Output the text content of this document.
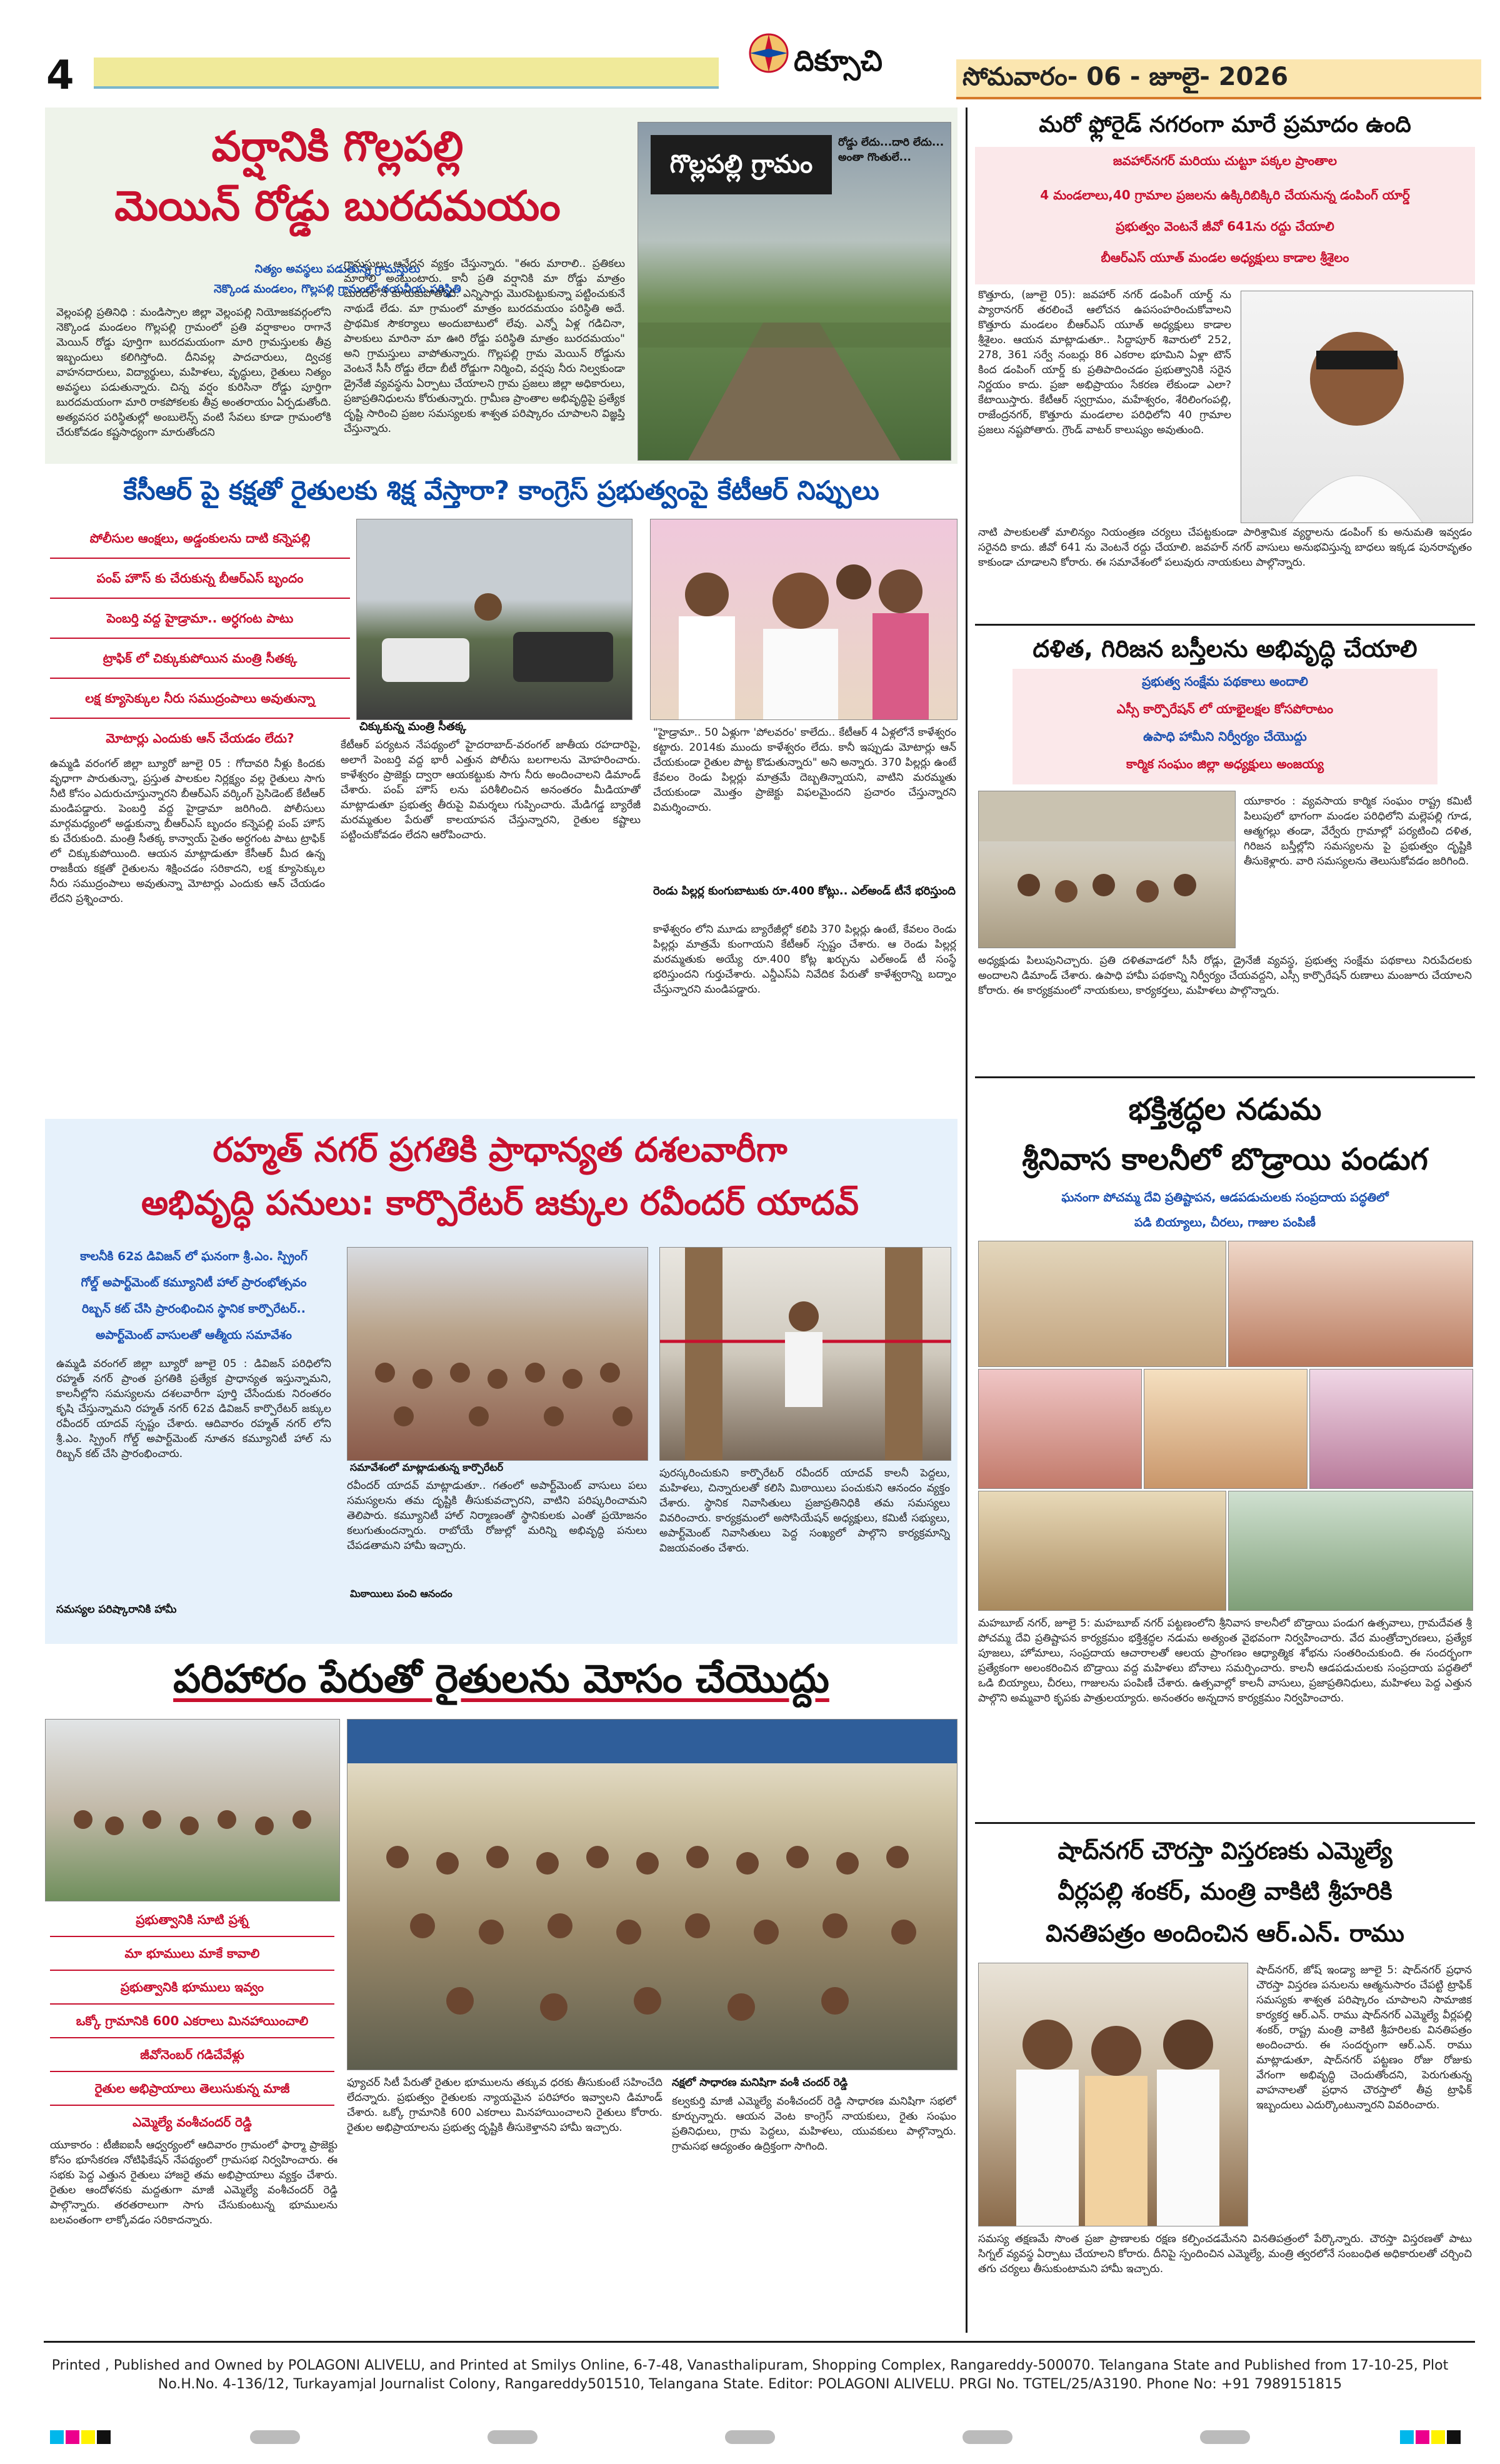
4	దిక్సూచి	సోమవారం- 06 - జూలై- 2026
వర్షానికి గొల్లపల్లి
మెయిన్ రోడ్డు బురదమయం
గొల్లపల్లి గ్రామం
రోడ్డు లేదు...దారి లేదు... అంతా గొంతులే...
నిత్యం అవస్థలు పడుతున్న గ్రామస్తులు
నెక్కొండ మండలం, గొల్లపల్లి గ్రామంలో దయనీయ పరిస్థితి
వెల్లంపల్లి ప్రతినిధి : మండిస్సాల జిల్లా వెల్లంపల్లి నియోజకవర్గంలోని నెక్కొండ మండలం గొల్లపల్లి గ్రామంలో ప్రతి వర్షాకాలం రాగానే మెయిన్ రోడ్డు పూర్తిగా బురదమయంగా మారి గ్రామస్తులకు తీవ్ర ఇబ్బందులు కలిగిస్తోంది. దీనివల్ల పాదచారులు, ద్విచక్ర వాహనదారులు, విద్యార్థులు, మహిళలు, వృద్ధులు, రైతులు నిత్యం అవస్థలు పడుతున్నారు. చిన్న వర్షం కురిసినా రోడ్డు పూర్తిగా బురదమయంగా మారి రాకపోకలకు తీవ్ర అంతరాయం ఏర్పడుతోంది. అత్యవసర పరిస్థితుల్లో అంబులెన్స్ వంటి సేవలు కూడా గ్రామంలోకి చేరుకోవడం కష్టసాధ్యంగా మారుతోందని
గ్రామస్తులు ఆవేదన వ్యక్తం చేస్తున్నారు. "ఈరు మారాలి.. ప్రతికలు మారాలి అంటుంటారు. కానీ ప్రతి వర్షానికి మా రోడ్డు మాత్రం బురదలోనే కూరుకుపోతోంది. ఎన్నిసార్లు మొరపెట్టుకున్నా పట్టించుకునే నాథుడే లేడు. మా గ్రామంలో మాత్రం బురదమయం పరిస్థితి అదే. ప్రాథమిక సౌకర్యాలు అందుబాటులో లేవు. ఎన్నో ఏళ్ల గడిచినా, పాలకులు మారినా మా ఊరి రోడ్డు పరిస్థితి మాత్రం బురదమయం" అని గ్రామస్తులు వాపోతున్నారు. గొల్లపల్లి గ్రామ మెయిన్ రోడ్డును వెంటనే సీసీ రోడ్డు లేదా బీటీ రోడ్డుగా నిర్మించి, వర్షపు నీరు నిల్వకుండా డ్రైనేజీ వ్యవస్థను ఏర్పాటు చేయాలని గ్రామ ప్రజలు జిల్లా అధికారులు, ప్రజాప్రతినిధులను కోరుతున్నారు. గ్రామీణ ప్రాంతాల అభివృద్ధిపై ప్రత్యేక దృష్టి సారించి ప్రజల సమస్యలకు శాశ్వత పరిష్కారం చూపాలని విజ్ఞప్తి చేస్తున్నారు.
మరో ఫ్లోరైడ్ నగరంగా మారే ప్రమాదం ఉంది
జవహార్‌నగర్ మరియు చుట్టూ పక్కల ప్రాంతాల
4 మండలాలు,40 గ్రామాల ప్రజలను ఉక్కిరిబిక్కిరి చేయనున్న డంపింగ్ యార్డ్
ప్రభుత్వం వెంటనే జీవో 641ను రద్దు చేయాలి
బీఆర్ఎస్ యూత్ మండల అధ్యక్షులు కాడాల శ్రీశైలం
కొత్తూరు, (జూలై 05): జవహార్ నగర్ డంపింగ్ యార్డ్ ను ప్యారానగర్ తరలించే ఆలోచన ఉపసంహరించుకోవాలని కొత్తూరు మండలం బీఆర్ఎస్ యూత్ అధ్యక్షులు కాడాల శ్రీశైలం. ఆయన మాట్లాడుతూ.. సిద్దాపూర్ శివారులో 252, 278, 361 సర్వే నంబర్లు 86 ఎకరాల భూమిని ఏళ్లా టౌన్ కింద డంపింగ్ యార్డ్ కు ప్రతిపాదించడం ప్రభుత్వానికి సరైన నిర్ణయం కాదు. ప్రజా అభిప్రాయం సేకరణ లేకుండా ఎలా? కేటాయిస్తారు. కేటీఆర్ స్వగ్రామం, మహేశ్వరం, శేరిలింగంపల్లి, రాజేంద్రనగర్, కొత్తూరు మండలాల పరిధిలోని 40 గ్రామాల ప్రజలు నష్టపోతారు. గ్రౌండ్ వాటర్ కాలుష్యం అవుతుంది.
నాటి పాలకులతో మాలిన్యం నియంత్రణ చర్యలు చేపట్టకుండా పారిశ్రామిక వ్యర్థాలను డంపింగ్ కు అనుమతి ఇవ్వడం సరైనది కాదు. జీవో 641 ను వెంటనే రద్దు చేయాలి. జవహర్ నగర్ వాసులు అనుభవిస్తున్న బాధలు ఇక్కడ పునరావృతం కాకుండా చూడాలని కోరారు. ఈ సమావేశంలో పలువురు నాయకులు పాల్గొన్నారు.
కేసీఆర్ పై కక్షతో రైతులకు శిక్ష వేస్తారా? కాంగ్రెస్ ప్రభుత్వంపై కేటీఆర్ నిప్పులు
పోలీసుల ఆంక్షలు, అడ్డంకులను దాటి కన్నెపల్లి
పంప్ హౌస్ కు చేరుకున్న బీఆర్ఎస్ బృందం
పెంబర్తి వద్ద హైడ్రామా.. అర్ధగంట పాటు
ట్రాఫిక్ లో చిక్కుకుపోయిన మంత్రి సీతక్క
లక్ష క్యూసెక్కుల నీరు సముద్రంపాలు అవుతున్నా
మోటార్లు ఎందుకు ఆన్ చేయడం లేదు?
చిక్కుకున్న మంత్రి సీతక్క
ఉమ్మడి వరంగల్ జిల్లా బ్యూరో జూలై 05 : గోదావరి నీళ్లు కిందకు వృధాగా పారుతున్నా, ప్రస్తుత పాలకుల నిర్లక్ష్యం వల్ల రైతులు సాగు నీటి కోసం ఎదురుచూస్తున్నారని బీఆర్ఎస్ వర్కింగ్ ప్రెసిడెంట్ కేటీఆర్ మండిపడ్డారు. పెంబర్తి వద్ద హైడ్రామా జరిగింది. పోలీసులు మార్గమధ్యంలో అడ్డుకున్నా బీఆర్ఎస్ బృందం కన్నెపల్లి పంప్ హౌస్ కు చేరుకుంది. మంత్రి సీతక్క కాన్వాయ్ సైతం అర్ధగంట పాటు ట్రాఫిక్ లో చిక్కుకుపోయింది. ఆయన మాట్లాడుతూ కేసీఆర్ మీద ఉన్న రాజకీయ కక్షతో రైతులను శిక్షించడం సరికాదని, లక్ష క్యూసెక్కుల నీరు సముద్రంపాలు అవుతున్నా మోటార్లు ఎందుకు ఆన్ చేయడం లేదని ప్రశ్నించారు.
కేటీఆర్ పర్యటన నేపథ్యంలో హైదరాబాద్-వరంగల్ జాతీయ రహదారిపై, అలాగే పెంబర్తి వద్ద భారీ ఎత్తున పోలీసు బలగాలను మోహరించారు. కాళేశ్వరం ప్రాజెక్టు ద్వారా ఆయకట్టుకు సాగు నీరు అందించాలని డిమాండ్ చేశారు. పంప్ హౌస్ లను పరిశీలించిన అనంతరం మీడియాతో మాట్లాడుతూ ప్రభుత్వ తీరుపై విమర్శలు గుప్పించారు. మేడిగడ్డ బ్యారేజీ మరమ్మతుల పేరుతో కాలయాపన చేస్తున్నారని, రైతుల కష్టాలు పట్టించుకోవడం లేదని ఆరోపించారు.
"హైడ్రామా.. 50 ఏళ్లుగా 'పోలవరం' కాలేదు.. కేటీఆర్ 4 ఏళ్లలోనే కాళేశ్వరం కట్టారు. 2014కు ముందు కాళేశ్వరం లేదు. కానీ ఇప్పుడు మోటార్లు ఆన్ చేయకుండా రైతుల పొట్ట కొడుతున్నారు" అని అన్నారు. 370 పిల్లర్లు ఉంటే కేవలం రెండు పిల్లర్లు మాత్రమే దెబ్బతిన్నాయని, వాటిని మరమ్మతు చేయకుండా మొత్తం ప్రాజెక్టు విఫలమైందని ప్రచారం చేస్తున్నారని విమర్శించారు.
రెండు పిల్లర్ల కుంగుబాటుకు రూ.400 కోట్లు.. ఎల్అండ్ టీనే భరిస్తుంది
కాళేశ్వరం లోని మూడు బ్యారేజీల్లో కలిపి 370 పిల్లర్లు ఉంటే, కేవలం రెండు పిల్లర్లు మాత్రమే కుంగాయని కేటీఆర్ స్పష్టం చేశారు. ఆ రెండు పిల్లర్ల మరమ్మతుకు అయ్యే రూ.400 కోట్ల ఖర్చును ఎల్అండ్ టీ సంస్థే భరిస్తుందని గుర్తుచేశారు. ఎన్డీఎస్ఏ నివేదిక పేరుతో కాళేశ్వరాన్ని బద్నాం చేస్తున్నారని మండిపడ్డారు.
దళిత, గిరిజన బస్తీలను అభివృద్ధి చేయాలి
ప్రభుత్వ సంక్షేమ పథకాలు అందాలి
ఎస్సీ కార్పొరేషన్ లో యాభైలక్షల కోసపోరాటం
ఉపాధి హామీని నిర్వీర్యం చేయొద్దు
కార్మిక సంఘం జిల్లా అధ్యక్షులు అంజయ్య
యూకారం : వ్యవసాయ కార్మిక సంఘం రాష్ట్ర కమిటీ పిలుపులో భాగంగా మండల పరిధిలోని మల్లెపల్లి గూడ, ఆత్మగల్లు తండా, వేర్వేరు గ్రామాల్లో పర్యటించి దళిత, గిరిజన బస్తీల్లోని సమస్యలను పై ప్రభుత్వం దృష్టికి తీసుకెళ్లారు. వారి సమస్యలను తెలుసుకోవడం జరిగింది.
అధ్యక్షుడు పిలుపునిచ్చారు. ప్రతి దళితవాడలో సీసీ రోడ్లు, డ్రైనేజీ వ్యవస్థ, ప్రభుత్వ సంక్షేమ పథకాలు నిరుపేదలకు అందాలని డిమాండ్ చేశారు. ఉపాధి హామీ పథకాన్ని నిర్వీర్యం చేయవద్దని, ఎస్సీ కార్పొరేషన్ రుణాలు మంజూరు చేయాలని కోరారు. ఈ కార్యక్రమంలో నాయకులు, కార్యకర్తలు, మహిళలు పాల్గొన్నారు.
భక్తిశ్రద్ధల నడుమ
శ్రీనివాస కాలనీలో బొడ్రాయి పండుగ
ఘనంగా పోచమ్మ దేవి ప్రతిష్టాపన, ఆడపడుచులకు సంప్రదాయ పద్ధతిలో
పడి బియ్యాలు, చీరలు, గాజుల పంపిణీ
మహబూబ్ నగర్, జూలై 5: మహబూబ్ నగర్ పట్టణంలోని శ్రీనివాస కాలనీలో బొడ్రాయి పండుగ ఉత్సవాలు, గ్రామదేవత శ్రీ పోచమ్మ దేవి ప్రతిష్టాపన కార్యక్రమం భక్తిశ్రద్ధల నడుమ అత్యంత వైభవంగా నిర్వహించారు. వేద మంత్రోచ్ఛారణలు, ప్రత్యేక పూజలు, హోమాలు, సంప్రదాయ ఆచారాలతో ఆలయ ప్రాంగణం ఆధ్యాత్మిక శోభను సంతరించుకుంది. ఈ సందర్భంగా ప్రత్యేకంగా అలంకరించిన బొడ్రాయి వద్ద మహిళలు బోనాలు సమర్పించారు. కాలనీ ఆడపడుచులకు సంప్రదాయ పద్ధతిలో ఒడి బియ్యాలు, చీరలు, గాజులను పంపిణీ చేశారు. ఉత్సవాల్లో కాలనీ వాసులు, ప్రజాప్రతినిధులు, మహిళలు పెద్ద ఎత్తున పాల్గొని అమ్మవారి కృపకు పాత్రులయ్యారు. అనంతరం అన్నదాన కార్యక్రమం నిర్వహించారు.
రహ్మత్ నగర్ ప్రగతికి ప్రాధాన్యత దశలవారీగా
అభివృద్ధి పనులు: కార్పొరేటర్ జక్కుల రవీందర్ యాదవ్
కాలనీకి 62వ డివిజన్ లో ఘనంగా శ్రీ.ఎం. స్ప్రింగ్
గోల్డ్ అపార్ట్‌మెంట్ కమ్యూనిటీ హాల్ ప్రారంభోత్సవం
రిబ్బన్ కట్ చేసి ప్రారంభించిన స్థానిక కార్పొరేటర్..
అపార్ట్‌మెంట్ వాసులతో ఆత్మీయ సమావేశం
ఉమ్మడి వరంగల్ జిల్లా బ్యూరో జూలై 05 : డివిజన్ పరిధిలోని రహ్మత్ నగర్ ప్రాంత ప్రగతికి ప్రత్యేక ప్రాధాన్యత ఇస్తున్నామని, కాలనీల్లోని సమస్యలను దశలవారీగా పూర్తి చేసేందుకు నిరంతరం కృషి చేస్తున్నామని రహ్మత్ నగర్ 62వ డివిజన్ కార్పొరేటర్ జక్కుల రవీందర్ యాదవ్ స్పష్టం చేశారు. ఆదివారం రహ్మత్ నగర్ లోని శ్రీ.ఎం. స్ప్రింగ్ గోల్డ్ అపార్ట్‌మెంట్ నూతన కమ్యూనిటీ హాల్ ను రిబ్బన్ కట్ చేసి ప్రారంభించారు.
సమస్యల పరిష్కారానికి హామీ
సమావేశంలో మాట్లాడుతున్న కార్పొరేటర్
రవీందర్ యాదవ్ మాట్లాడుతూ.. గతంలో అపార్ట్‌మెంట్ వాసులు పలు సమస్యలను తమ దృష్టికి తీసుకువచ్చారని, వాటిని పరిష్కరించామని తెలిపారు. కమ్యూనిటీ హాల్ నిర్మాణంతో స్థానికులకు ఎంతో ప్రయోజనం కలుగుతుందన్నారు. రాబోయే రోజుల్లో మరిన్ని అభివృద్ధి పనులు చేపడతామని హామీ ఇచ్చారు.
మిఠాయిలు పంచి ఆనందం
పురస్కరించుకుని కార్పొరేటర్ రవీందర్ యాదవ్ కాలనీ పెద్దలు, మహిళలు, చిన్నారులతో కలిసి మిఠాయిలు పంచుకుని ఆనందం వ్యక్తం చేశారు. స్థానిక నివాసితులు ప్రజాప్రతినిధికి తమ సమస్యలు వివరించారు. కార్యక్రమంలో అసోసియేషన్ అధ్యక్షులు, కమిటీ సభ్యులు, అపార్ట్‌మెంట్ నివాసితులు పెద్ద సంఖ్యలో పాల్గొని కార్యక్రమాన్ని విజయవంతం చేశారు.
పరిహారం పేరుతో రైతులను మోసం చేయొద్దు
ప్రభుత్వానికి సూటి ప్రశ్న
మా భూములు మాకే కావాలి
ప్రభుత్వానికి భూములు ఇవ్వం
ఒక్కో గ్రామానికి 600 ఎకరాలు మినహాయించాలి
జీవోనెంబర్ గడిచేవేళ్లు
రైతుల అభిప్రాయాలు తెలుసుకున్న మాజీ
ఎమ్మెల్యే వంశీచందర్ రెడ్డి
యూకారం : టీజీఐఐసీ ఆధ్వర్యంలో ఆదివారం గ్రామంలో ఫార్మా ప్రాజెక్టు కోసం భూసేకరణ నోటిఫికేషన్ నేపథ్యంలో గ్రామసభ నిర్వహించారు. ఈ సభకు పెద్ద ఎత్తున రైతులు హాజరై తమ అభిప్రాయాలు వ్యక్తం చేశారు. రైతుల ఆందోళనకు మద్దతుగా మాజీ ఎమ్మెల్యే వంశీచందర్ రెడ్డి పాల్గొన్నారు. తరతరాలుగా సాగు చేసుకుంటున్న భూములను బలవంతంగా లాక్కోవడం సరికాదన్నారు.
ఫ్యూచర్ సిటీ పేరుతో రైతుల భూములను తక్కువ ధరకు తీసుకుంటే సహించేది లేదన్నారు. ప్రభుత్వం రైతులకు న్యాయమైన పరిహారం ఇవ్వాలని డిమాండ్ చేశారు. ఒక్కో గ్రామానికి 600 ఎకరాలు మినహాయించాలని రైతులు కోరారు. రైతుల అభిప్రాయాలను ప్రభుత్వ దృష్టికి తీసుకెళ్తానని హామీ ఇచ్చారు.
నక్షలో సాధారణ మనిషిగా వంశీ చందర్ రెడ్డి
కల్వకుర్తి మాజీ ఎమ్మెల్యే వంశీచందర్ రెడ్డి సాధారణ మనిషిగా సభలో కూర్చున్నారు. ఆయన వెంట కాంగ్రెస్ నాయకులు, రైతు సంఘం ప్రతినిధులు, గ్రామ పెద్దలు, మహిళలు, యువకులు పాల్గొన్నారు. గ్రామసభ ఆద్యంతం ఉద్రిక్తంగా సాగింది.
షాద్‌నగర్ చౌరస్తా విస్తరణకు ఎమ్మెల్యే
వీర్లపల్లి శంకర్, మంత్రి వాకిటి శ్రీహరికి
వినతిపత్రం అందించిన ఆర్.ఎన్. రాము
షాద్‌నగర్, జోష్ ఇండ్యా జూలై 5: షాద్‌నగర్ ప్రధాన చౌరస్తా విస్తరణ పనులను ఆత్మనుసారం చేపట్టి ట్రాఫిక్ సమస్యకు శాశ్వత పరిష్కారం చూపాలని సామాజిక కార్యకర్త ఆర్.ఎన్. రాము షాద్‌నగర్ ఎమ్మెల్యే వీర్లపల్లి శంకర్, రాష్ట్ర మంత్రి వాకిటి శ్రీహరిలకు వినతిపత్రం అందించారు. ఈ సందర్భంగా ఆర్.ఎన్. రాము మాట్లాడుతూ, షాద్‌నగర్ పట్టణం రోజు రోజుకు వేగంగా అభివృద్ధి చెందుతోందని, పెరుగుతున్న వాహనాలతో ప్రధాన చౌరస్తాలో తీవ్ర ట్రాఫిక్ ఇబ్బందులు ఎదుర్కొంటున్నారని వివరించారు.
సమస్య తక్షణమే సొంత ప్రజా ప్రాణాలకు రక్షణ కల్పించడమేనని వినతిపత్రంలో పేర్కొన్నారు. చౌరస్తా విస్తరణతో పాటు సిగ్నల్ వ్యవస్థ ఏర్పాటు చేయాలని కోరారు. దీనిపై స్పందించిన ఎమ్మెల్యే, మంత్రి త్వరలోనే సంబంధిత అధికారులతో చర్చించి తగు చర్యలు తీసుకుంటామని హామీ ఇచ్చారు.
Printed , Published and Owned by POLAGONI ALIVELU, and Printed at Smilys Online, 6-7-48, Vanasthalipuram, Shopping Complex, Rangareddy-500070. Telangana State and Published from 17-10-25, Plot
No.H.No. 4-136/12, Turkayamjal Journalist Colony, Rangareddy501510, Telangana State. Editor: POLAGONI ALIVELU. PRGI No. TGTEL/25/A3190. Phone No: +91 7989151815
